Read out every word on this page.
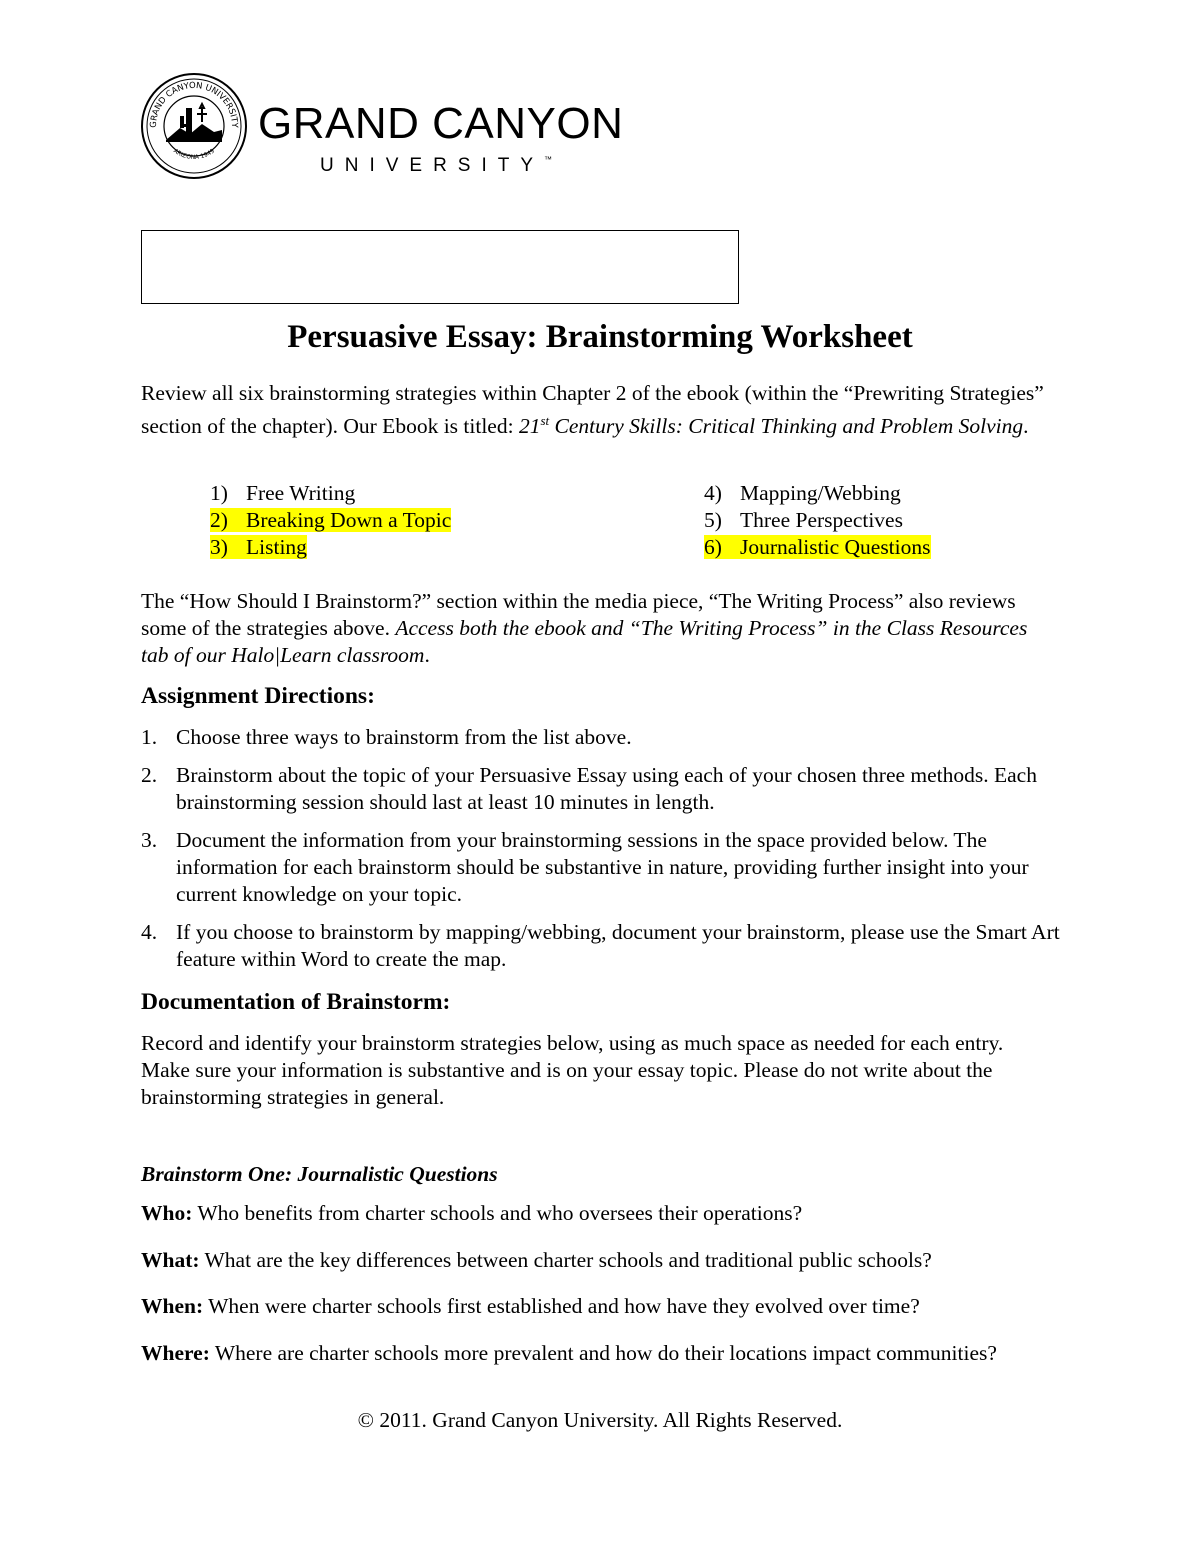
GRAND CANYON UNIVERSITY
ARIZONA 1949
GRAND CANYON
UNIVERSITY™
Persuasive Essay: Brainstorming Worksheet
Review all six brainstorming strategies within Chapter 2 of the ebook (within the “Prewriting Strategies” section of the chapter). Our Ebook is titled: 21st Century Skills: Critical Thinking and Problem Solving.
1) Free Writing
2) Breaking Down a Topic
3) Listing
4) Mapping/Webbing
5) Three Perspectives
6) Journalistic Questions
The “How Should I Brainstorm?” section within the media piece, “The Writing Process” also reviews some of the strategies above. Access both the ebook and “The Writing Process” in the Class Resources tab of our Halo|Learn classroom.
Assignment Directions:
1. Choose three ways to brainstorm from the list above.
2. Brainstorm about the topic of your Persuasive Essay using each of your chosen three methods. Each brainstorming session should last at least 10 minutes in length.
3. Document the information from your brainstorming sessions in the space provided below. The information for each brainstorm should be substantive in nature, providing further insight into your current knowledge on your topic.
4. If you choose to brainstorm by mapping/webbing, document your brainstorm, please use the Smart Art feature within Word to create the map.
Documentation of Brainstorm:
Record and identify your brainstorm strategies below, using as much space as needed for each entry. Make sure your information is substantive and is on your essay topic. Please do not write about the brainstorming strategies in general.
Brainstorm One: Journalistic Questions
Who: Who benefits from charter schools and who oversees their operations?
What: What are the key differences between charter schools and traditional public schools?
When: When were charter schools first established and how have they evolved over time?
Where: Where are charter schools more prevalent and how do their locations impact communities?
© 2011. Grand Canyon University. All Rights Reserved.
